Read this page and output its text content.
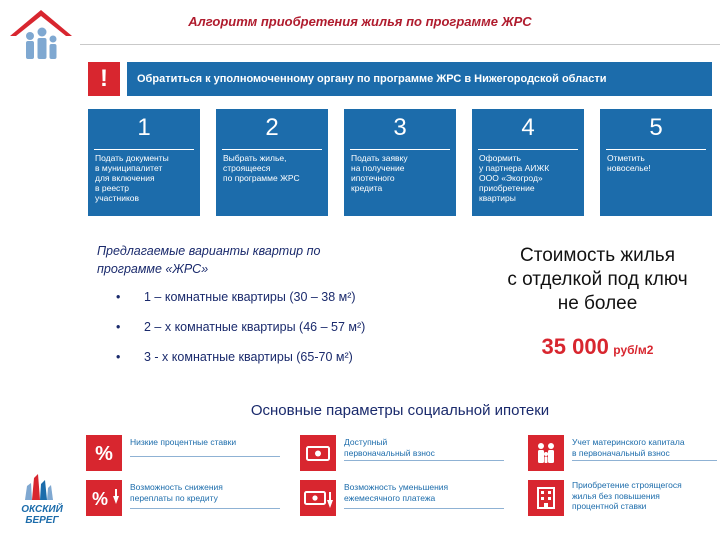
Алгоритм приобретения жилья по программе ЖРС
!	Обратиться к уполномоченному органу по программе ЖРС в Нижегородской области
1
Подать документы
в муниципалитет
для включения
в реестр
участников
2
Выбрать жилье,
строящееся
по программе ЖРС
3
Подать заявку
на получение
ипотечного
кредита
4
Оформить
у партнера АИЖК
ООО «Экогрод»
приобретение
квартиры
5
Отметить
новоселье!
Предлагаемые варианты квартир по
программе «ЖРС»
• 1 – комнатные квартиры (30 – 38 м²)
• 2 – х комнатные квартиры (46 – 57 м²)
• 3 - х комнатные квартиры (65-70 м²)
Стоимость жилья
с отделкой под ключ
не более
35 000 руб/м2
Основные параметры социальной ипотеки
%
Низкие процентные ставки
%
Возможность снижения
переплаты по кредиту
Доступный
первоначальный взнос
Возможность уменьшения
ежемесячного платежа
Учет материнского капитала
в первоначальный взнос
Приобретение строящегося
жилья без повышения
процентной ставки
ОКСКИЙ
БЕРЕГ
